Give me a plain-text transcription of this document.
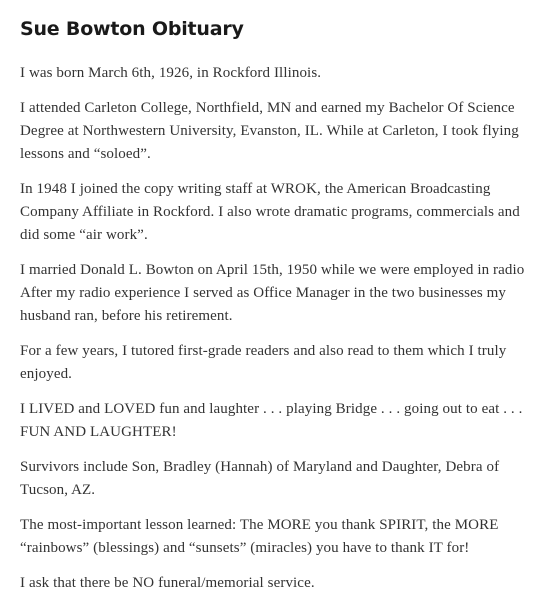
Sue Bowton Obituary

I was born March 6th, 1926, in Rockford Illinois.

I attended Carleton College, Northfield, MN and earned my Bachelor Of Science
Degree at Northwestern University, Evanston, IL. While at Carleton, I took flying
lessons and “soloed”.

In 1948 I joined the copy writing staff at WROK, the American Broadcasting
Company Affiliate in Rockford. I also wrote dramatic programs, commercials and
did some “air work”.

I married Donald L. Bowton on April 15th, 1950 while we were employed in radio
After my radio experience I served as Office Manager in the two businesses my
husband ran, before his retirement.

For a few years, I tutored first-grade readers and also read to them which I truly
enjoyed.

I LIVED and LOVED fun and laughter . . . playing Bridge . . . going out to eat . . .
FUN AND LAUGHTER!

Survivors include Son, Bradley (Hannah) of Maryland and Daughter, Debra of
Tucson, AZ.

The most-important lesson learned: The MORE you thank SPIRIT, the MORE
“rainbows” (blessings) and “sunsets” (miracles) you have to thank IT for!

I ask that there be NO funeral/memorial service.
